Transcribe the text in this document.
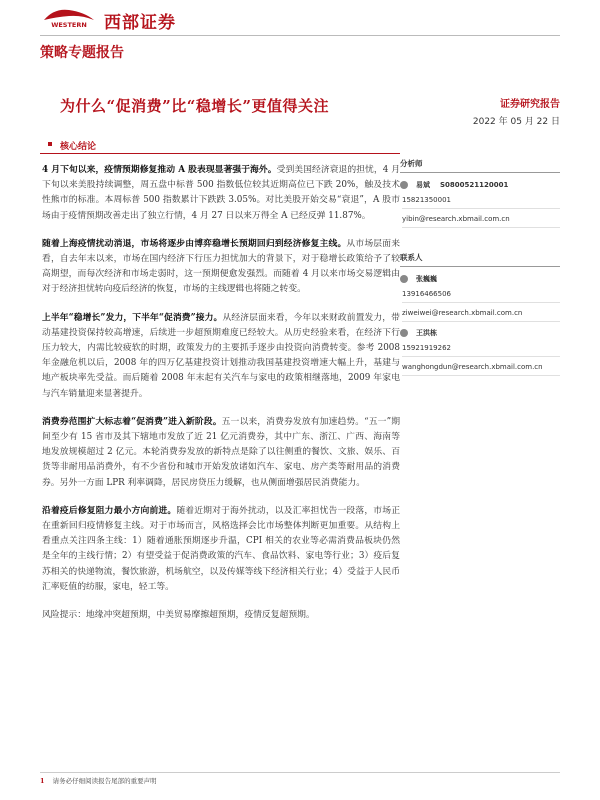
WESTERN 西部证券
策略专题报告
为什么“促消费”比“稳增长”更值得关注	证券研究报告
2022 年 05 月 22 日
核心结论

4 月下旬以来，疫情预期修复推动 A 股表现显著强于海外。受到美国经济衰退的担忧，4 月下旬以来美股持续调整，周五盘中标普 500 指数低位较其近期高位已下跌 20%，触及技术性熊市的标准。本周标普 500 指数累计下跌跌 3.05%。对比美股开始交易“衰退”，A 股市场由于疫情预期改善走出了独立行情，4 月 27 日以来万得全 A 已经反弹 11.87%。

随着上海疫情扰动消退，市场将逐步由博弈稳增长预期回归到经济修复主线。从市场层面来看，自去年末以来，市场在国内经济下行压力担忧加大的背景下，对于稳增长政策给予了较高期望，而每次经济和市场走弱时，这一预期便愈发强烈。而随着 4 月以来市场交易逻辑由对于经济担忧转向疫后经济的恢复，市场的主线逻辑也将随之转变。

上半年“稳增长”发力，下半年“促消费”接力。从经济层面来看，今年以来财政前置发力，带动基建投资保持较高增速，后续进一步超预期难度已经较大。从历史经验来看，在经济下行压力较大，内需比较疲软的时期，政策发力的主要抓手逐步由投资向消费转变。参考 2008 年金融危机以后，2008 年的四万亿基建投资计划推动我国基建投资增速大幅上升，基建与地产板块率先受益。而后随着 2008 年末起有关汽车与家电的政策相继落地，2009 年家电与汽车销量迎来显著提升。

消费券范围扩大标志着“促消费”进入新阶段。五一以来，消费券发放有加速趋势。“五一”期间至少有 15 省市及其下辖地市发放了近 21 亿元消费券，其中广东、浙江、广西、海南等地发放规模超过 2 亿元。本轮消费券发放的新特点是除了以往侧重的餐饮、文旅、娱乐、百货等非耐用品消费外，有不少省份和城市开始发放诸如汽车、家电、房产类等耐用品的消费券。另外一方面 LPR 利率调降，居民房贷压力缓解，也从侧面增强居民消费能力。

沿着疫后修复阻力最小方向前进。随着近期对于海外扰动，以及汇率担忧告一段落，市场正在重新回归疫情修复主线。对于市场而言，风格选择会比市场整体判断更加重要。从结构上看重点关注四条主线：1）随着通胀预期逐步升温，CPI 相关的农业等必需消费品板块仍然是全年的主线行情；2）有望受益于促消费政策的汽车、食品饮料、家电等行业；3）疫后复苏相关的快递物流，餐饮旅游，机场航空，以及传媒等线下经济相关行业；4）受益于人民币汇率贬值的纺服，家电，轻工等。

风险提示：地缘冲突超预期，中美贸易摩擦超预期，疫情反复超预期。

分析师
易斌 S0800521120001
15821350001
yibin@research.xbmail.com.cn
联系人
张巍巍
13916466506
ziweiwei@research.xbmail.com.cn
王洪栋
15921919262
wanghongdun@research.xbmail.com.cn
1 请务必仔细阅读报告尾部的重要声明
